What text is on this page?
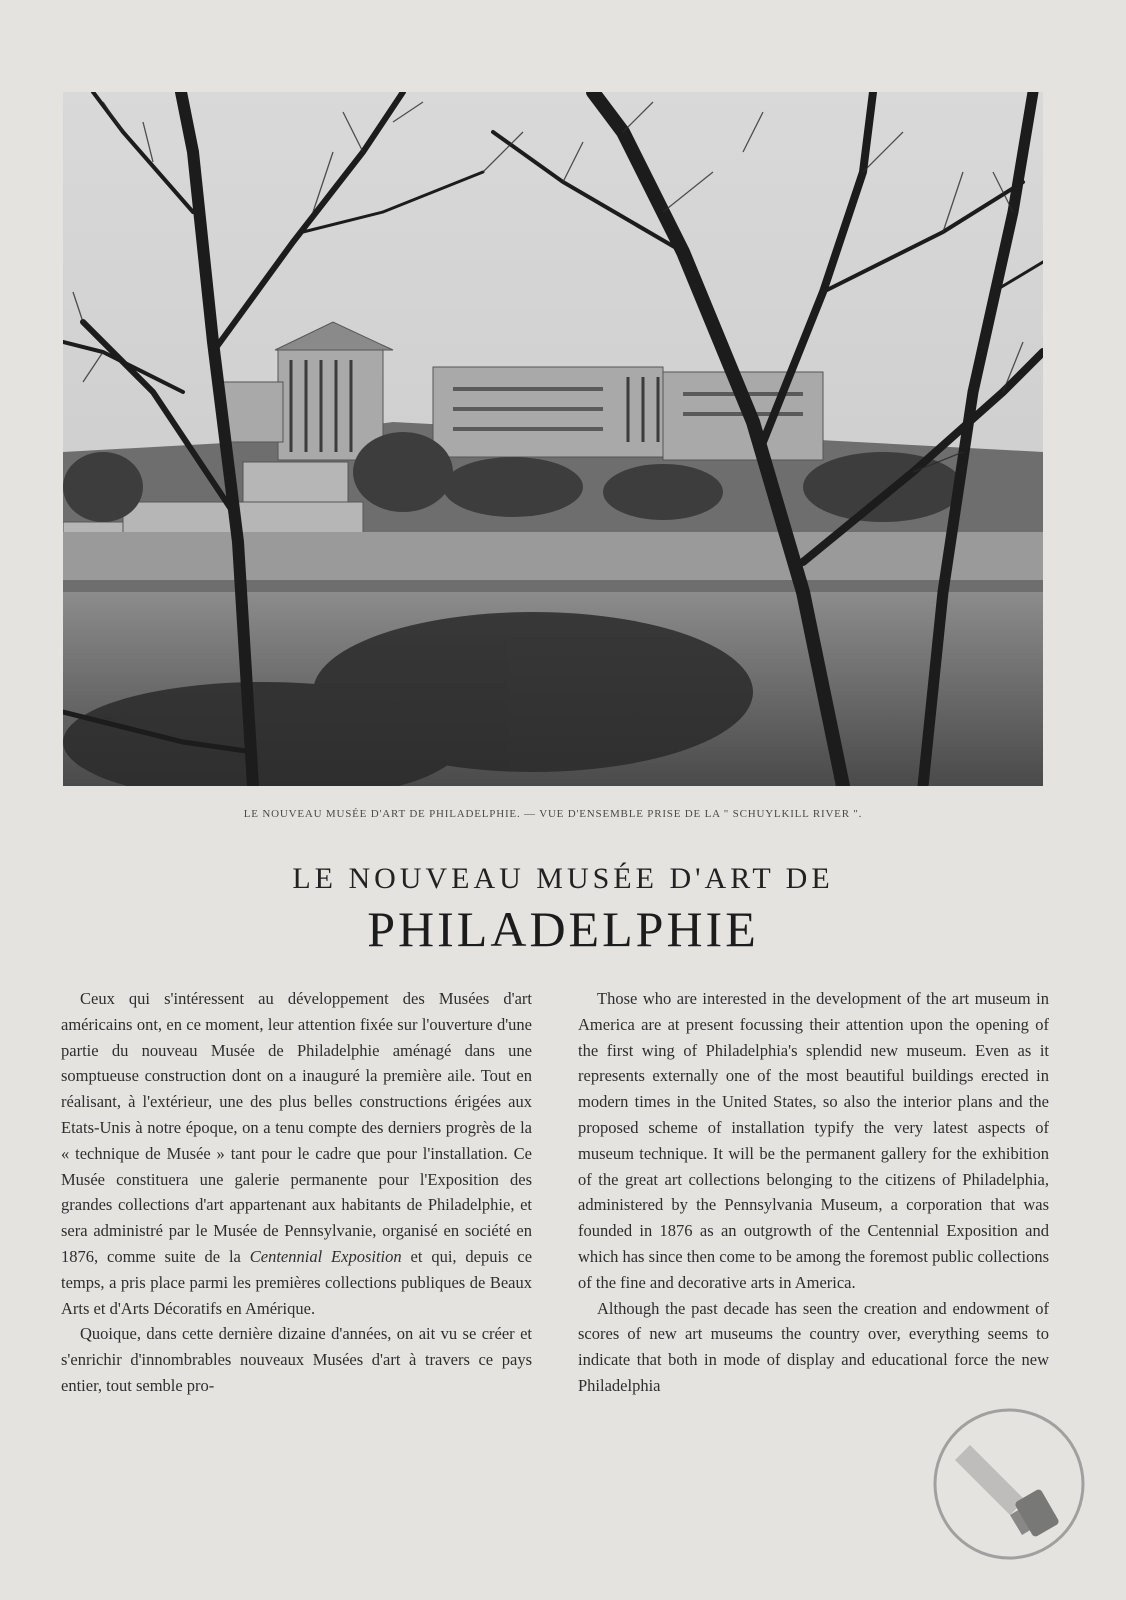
LE NOUVEAU MUSÉE D'ART DE PHILADELPHIE. — VUE D'ENSEMBLE PRISE DE LA " SCHUYLKILL RIVER ".
LE NOUVEAU MUSÉE D'ART DE
PHILADELPHIE

Ceux qui s'intéressent au développement des Musées d'art américains ont, en ce moment, leur attention fixée sur l'ouverture d'une partie du nouveau Musée de Philadelphie aménagé dans une somptueuse construction dont on a inauguré la première aile. Tout en réalisant, à l'extérieur, une des plus belles constructions érigées aux Etats-Unis à notre époque, on a tenu compte des derniers progrès de la « technique de Musée » tant pour le cadre que pour l'installation. Ce Musée constituera une galerie permanente pour l'Exposition des grandes collections d'art appartenant aux habitants de Philadelphie, et sera administré par le Musée de Pennsylvanie, organisé en société en 1876, comme suite de la Centennial Exposition et qui, depuis ce temps, a pris place parmi les premières collections publiques de Beaux Arts et d'Arts Décoratifs en Amérique.

Quoique, dans cette dernière dizaine d'années, on ait vu se créer et s'enrichir d'innombrables nouveaux Musées d'art à travers ce pays entier, tout semble pro-

Those who are interested in the development of the art museum in America are at present focussing their attention upon the opening of the first wing of Philadelphia's splendid new museum. Even as it represents externally one of the most beautiful buildings erected in modern times in the United States, so also the interior plans and the proposed scheme of installation typify the very latest aspects of museum technique. It will be the permanent gallery for the exhibition of the great art collections belonging to the citizens of Philadelphia, administered by the Pennsylvania Museum, a corporation that was founded in 1876 as an outgrowth of the Centennial Exposition and which has since then come to be among the foremost public collections of the fine and decorative arts in America.

Although the past decade has seen the creation and endowment of scores of new art museums the country over, everything seems to indicate that both in mode of display and educational force the new Philadelphia
